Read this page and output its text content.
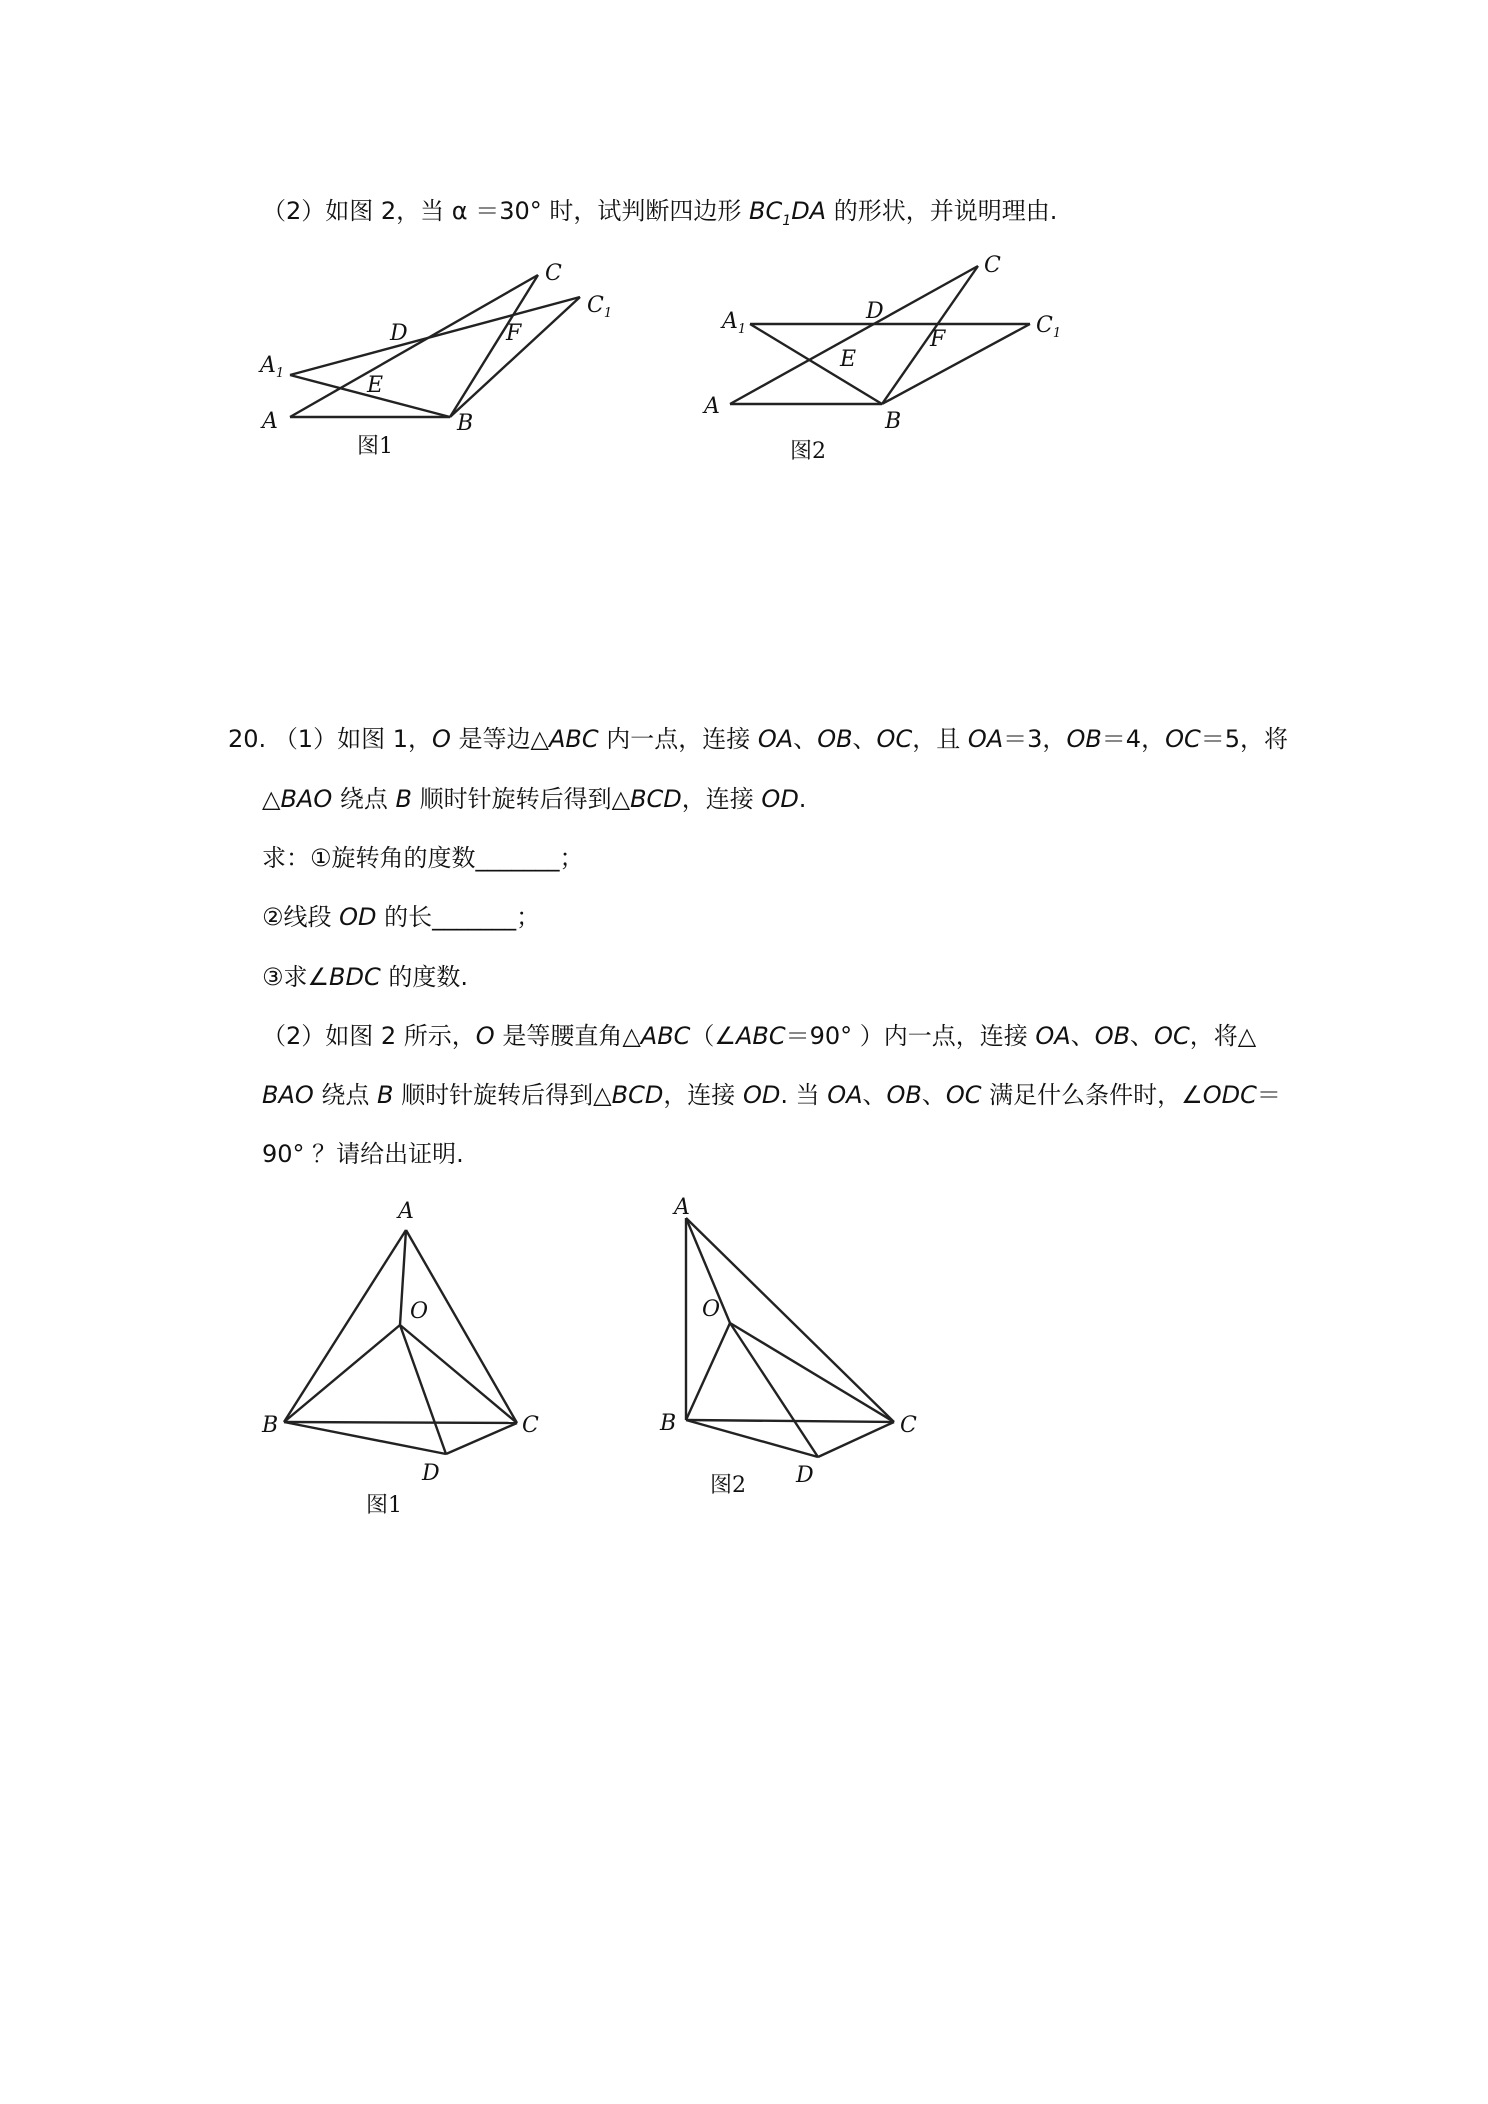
（2）如图 2，当 α ＝30° 时，试判断四边形 $BC_1DA$ 的形状，并说明理由.
A	B
C
$C_1$
$A_1$
D
E
F
图1
A
B
C
$C_1$
$A_1$
D
E
F
图2
20. （1）如图 1，O 是等边△ABC 内一点，连接 OA、OB、OC，且 OA＝3，OB＝4，OC＝5，将
△BAO 绕点 B 顺时针旋转后得到△BCD，连接 OD.
求：①旋转角的度数_______；
②线段 OD 的长_______；
③求∠BDC 的度数.
（2）如图 2 所示，O 是等腰直角△ABC（∠ABC＝90° ）内一点，连接 OA、OB、OC，将△
BAO 绕点 B 顺时针旋转后得到△BCD，连接 OD. 当 OA、OB、OC 满足什么条件时，∠ODC＝
90° ？请给出证明.
A
O
B	C
D
图1
A
O
B	C
D
图2
